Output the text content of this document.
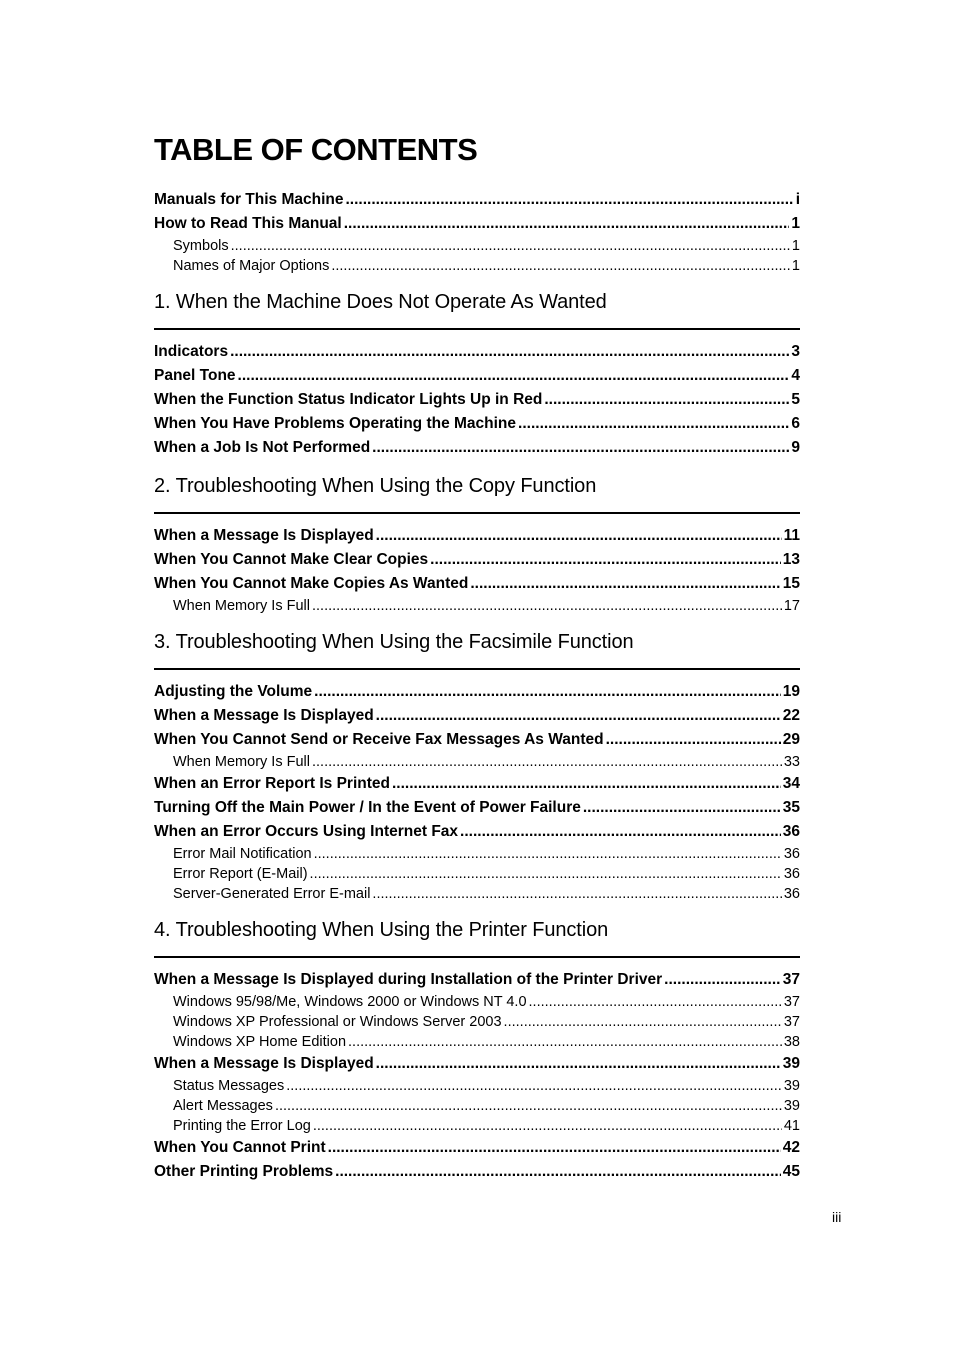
TABLE OF CONTENTS
Manuals for This Machine .....	i
How to Read This Manual .....	1
Symbols .....	1
Names of Major Options .....	1
1. When the Machine Does Not Operate As Wanted
Indicators .....	3
Panel Tone .....	4
When the Function Status Indicator Lights Up in Red .....	5
When You Have Problems Operating the Machine .....	6
When a Job Is Not Performed .....	9
2. Troubleshooting When Using the Copy Function
When a Message Is Displayed .....	11
When You Cannot Make Clear Copies .....	13
When You Cannot Make Copies As Wanted .....	15
When Memory Is Full .....	17
3. Troubleshooting When Using the Facsimile Function
Adjusting the Volume .....	19
When a Message Is Displayed .....	22
When You Cannot Send or Receive Fax Messages As Wanted .....	29
When Memory Is Full .....	33
When an Error Report Is Printed .....	34
Turning Off the Main Power / In the Event of Power Failure .....	35
When an Error Occurs Using Internet Fax .....	36
Error Mail Notification .....	36
Error Report (E-Mail) .....	36
Server-Generated Error E-mail .....	36
4. Troubleshooting When Using the Printer Function
When a Message Is Displayed during Installation of the Printer Driver .....	37
Windows 95/98/Me, Windows 2000 or Windows NT 4.0 .....	37
Windows XP Professional or Windows Server 2003 .....	37
Windows XP Home Edition .....	38
When a Message Is Displayed .....	39
Status Messages .....	39
Alert Messages .....	39
Printing the Error Log .....	41
When You Cannot Print .....	42
Other Printing Problems .....	45
iii
